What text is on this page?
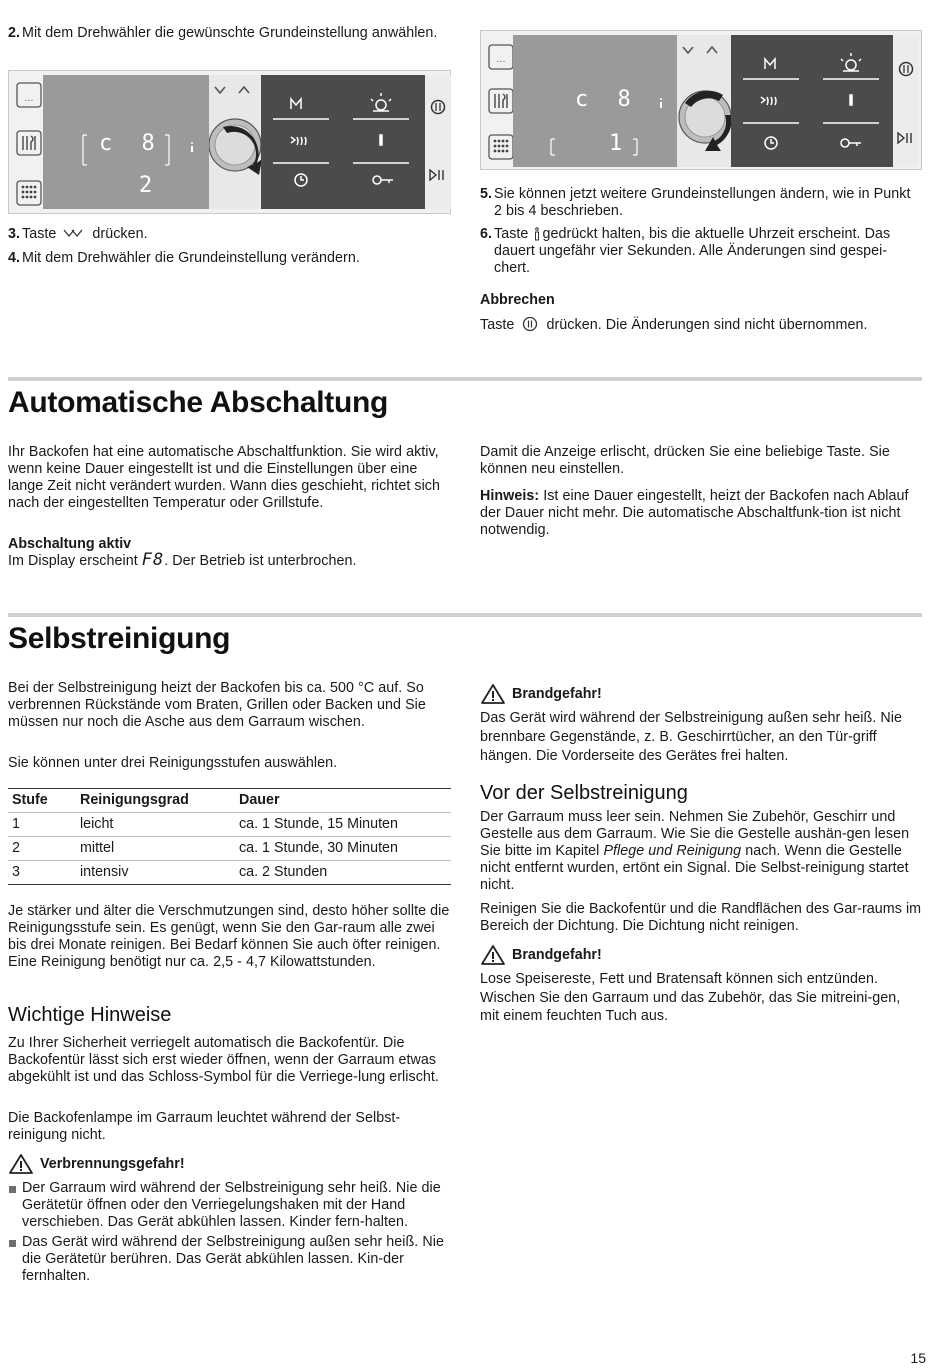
2. Mit dem Drehwähler die gewünschte Grundeinstellung anwählen.
…
c 8
2
3. Taste	drücken.
4. Mit dem Drehwähler die Grundeinstellung verändern.
…
c 8
1
5. Sie können jetzt weitere Grundeinstellungen ändern, wie in Punkt 2 bis 4 beschrieben.
6. Taste gedrückt halten, bis die aktuelle Uhrzeit erscheint. Das dauert ungefähr vier Sekunden. Alle Änderungen sind gespei-chert.
Abbrechen
Taste drücken. Die Änderungen sind nicht übernommen.
Automatische Abschaltung
Ihr Backofen hat eine automatische Abschaltfunktion. Sie wird aktiv, wenn keine Dauer eingestellt ist und die Einstellungen über eine lange Zeit nicht verändert wurden. Wann dies geschieht, richtet sich nach der eingestellten Temperatur oder Grillstufe.
Abschaltung aktiv
Im Display erscheint F8. Der Betrieb ist unterbrochen.
Damit die Anzeige erlischt, drücken Sie eine beliebige Taste. Sie können neu einstellen.
Hinweis: Ist eine Dauer eingestellt, heizt der Backofen nach Ablauf der Dauer nicht mehr. Die automatische Abschaltfunk-tion ist nicht notwendig.
Selbstreinigung
Bei der Selbstreinigung heizt der Backofen bis ca. 500 °C auf. So verbrennen Rückstände vom Braten, Grillen oder Backen und Sie müssen nur noch die Asche aus dem Garraum wischen.
Sie können unter drei Reinigungsstufen auswählen.
Stufe	Reinigungsgrad	Dauer
1	leicht	ca. 1 Stunde, 15 Minuten
2	mittel	ca. 1 Stunde, 30 Minuten
3	intensiv	ca. 2 Stunden
Je stärker und älter die Verschmutzungen sind, desto höher sollte die Reinigungsstufe sein. Es genügt, wenn Sie den Gar-raum alle zwei bis drei Monate reinigen. Bei Bedarf können Sie auch öfter reinigen. Eine Reinigung benötigt nur ca. 2,5 - 4,7 Kilowattstunden.
Wichtige Hinweise
Zu Ihrer Sicherheit verriegelt automatisch die Backofentür. Die Backofentür lässt sich erst wieder öffnen, wenn der Garraum etwas abgekühlt ist und das Schloss-Symbol für die Verriege-lung erlischt.
Die Backofenlampe im Garraum leuchtet während der Selbst-reinigung nicht.
Verbrennungsgefahr!
Der Garraum wird während der Selbstreinigung sehr heiß. Nie die Gerätetür öffnen oder den Verriegelungshaken mit der Hand verschieben. Das Gerät abkühlen lassen. Kinder fern-halten.
Das Gerät wird während der Selbstreinigung außen sehr heiß. Nie die Gerätetür berühren. Das Gerät abkühlen lassen. Kin-der fernhalten.
Brandgefahr!
Das Gerät wird während der Selbstreinigung außen sehr heiß. Nie brennbare Gegenstände, z. B. Geschirrtücher, an den Tür-griff hängen. Die Vorderseite des Gerätes frei halten.
Vor der Selbstreinigung
Der Garraum muss leer sein. Nehmen Sie Zubehör, Geschirr und Gestelle aus dem Garraum. Wie Sie die Gestelle aushän-gen lesen Sie bitte im Kapitel Pflege und Reinigung nach. Wenn die Gestelle nicht entfernt wurden, ertönt ein Signal. Die Selbst-reinigung startet nicht.
Reinigen Sie die Backofentür und die Randflächen des Gar-raums im Bereich der Dichtung. Die Dichtung nicht reinigen.
Brandgefahr!
Lose Speisereste, Fett und Bratensaft können sich entzünden. Wischen Sie den Garraum und das Zubehör, das Sie mitreini-gen, mit einem feuchten Tuch aus.
15
